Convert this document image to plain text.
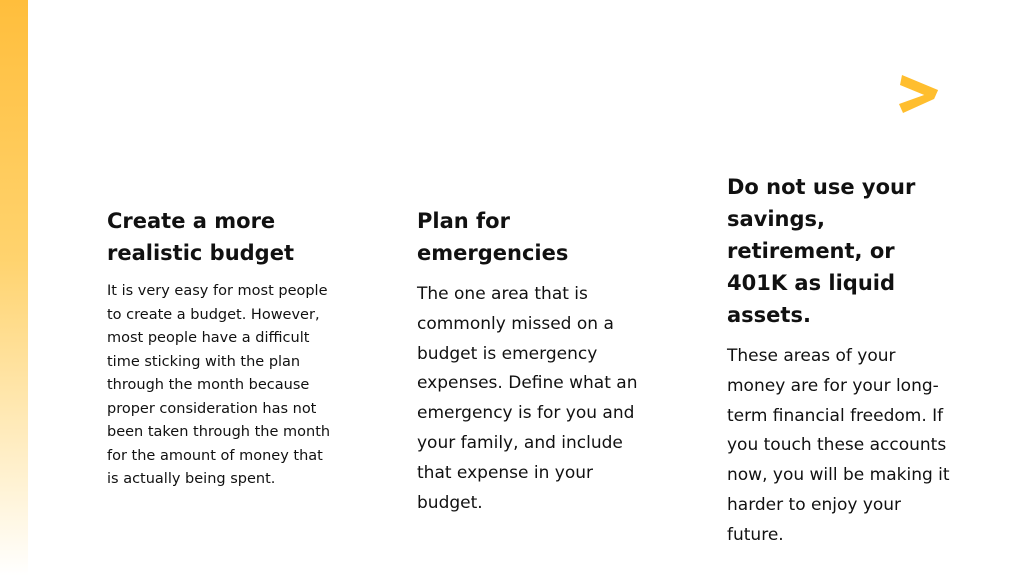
Create a more realistic budget

It is very easy for most people to create a budget. However, most people have a difficult time sticking with the plan through the month because proper consideration has not been taken through the month for the amount of money that is actually being spent.

Plan for emergencies

The one area that is commonly missed on a budget is emergency expenses. Define what an emergency is for you and your family, and include that expense in your budget.

Do not use your savings, retirement, or 401K as liquid assets.

These areas of your money are for your long-term financial freedom. If you touch these accounts now, you will be making it harder to enjoy your future.
